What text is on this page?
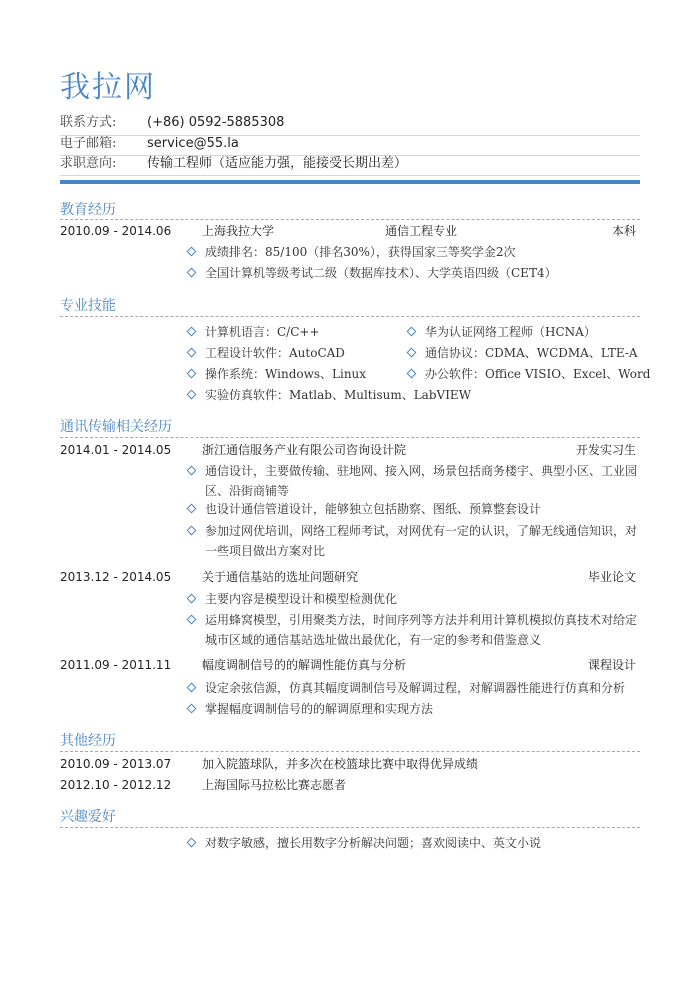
我拉网
联系方式:	(+86) 0592-5885308
电子邮箱:	service@55.la
求职意向:	传输工程师（适应能力强，能接受长期出差）
教育经历
2010.09 - 2014.06	上海我拉大学	通信工程专业	本科
成绩排名：85/100（排名30%），获得国家三等奖学金2次
全国计算机等级考试二级（数据库技术）、大学英语四级（CET4）
专业技能
计算机语言：C/C++	华为认证网络工程师（HCNA）
工程设计软件：AutoCAD	通信协议：CDMA、WCDMA、LTE-A
操作系统：Windows、Linux	办公软件：Office VISIO、Excel、Word
实验仿真软件：Matlab、Multisum、LabVIEW
通讯传输相关经历
2014.01 - 2014.05	浙江通信服务产业有限公司咨询设计院	开发实习生
通信设计，主要做传输、驻地网、接入网，场景包括商务楼宇、典型小区、工业园区、沿街商铺等
也设计通信管道设计，能够独立包括勘察、图纸、预算整套设计
参加过网优培训，网络工程师考试，对网优有一定的认识，了解无线通信知识，对一些项目做出方案对比
2013.12 - 2014.05	关于通信基站的选址问题研究	毕业论文
主要内容是模型设计和模型检测优化
运用蜂窝模型，引用聚类方法，时间序列等方法并利用计算机模拟仿真技术对给定城市区域的通信基站选址做出最优化，有一定的参考和借鉴意义
2011.09 - 2011.11	幅度调制信号的的解调性能仿真与分析	课程设计
设定余弦信源，仿真其幅度调制信号及解调过程，对解调器性能进行仿真和分析
掌握幅度调制信号的的解调原理和实现方法
其他经历
2010.09 - 2013.07	加入院篮球队，并多次在校篮球比赛中取得优异成绩
2012.10 - 2012.12	上海国际马拉松比赛志愿者
兴趣爱好
对数字敏感，擅长用数字分析解决问题；喜欢阅读中、英文小说
